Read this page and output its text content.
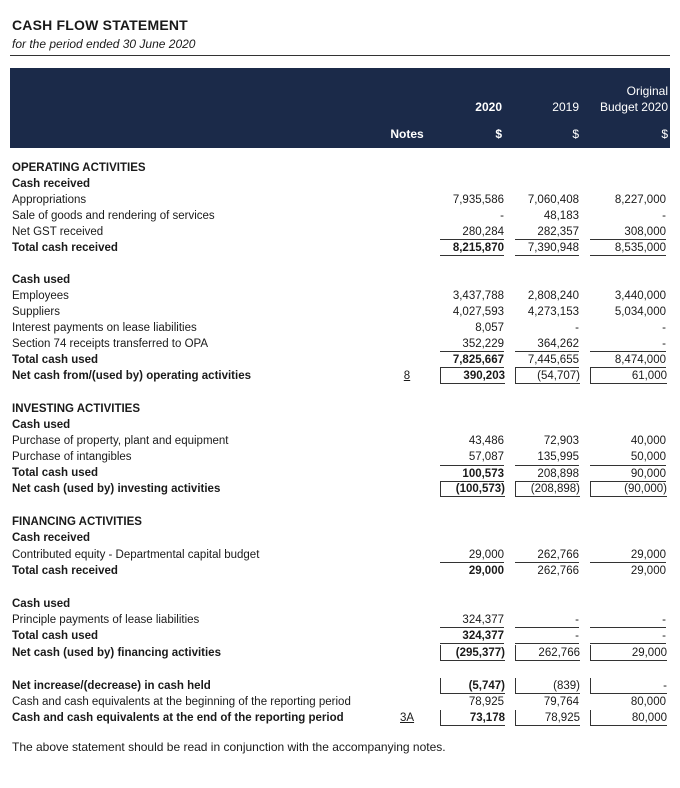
CASH FLOW STATEMENT
for the period ended 30 June 2020
Notes
2020	2019
Original
Budget 2020
$	$	$
OPERATING ACTIVITIES
Cash received
Appropriations	7,935,586	7,060,408	8,227,000
Sale of goods and rendering of services	-	48,183	-
Net GST received	280,284	282,357	308,000
Total cash received	8,215,870	7,390,948	8,535,000
Cash used
Employees	3,437,788	2,808,240	3,440,000
Suppliers	4,027,593	4,273,153	5,034,000
Interest payments on lease liabilities	8,057	-	-
Section 74 receipts transferred to OPA	352,229	364,262	-
Total cash used	7,825,667	7,445,655	8,474,000
Net cash from/(used by) operating activities	8	390,203	(54,707)	61,000
INVESTING ACTIVITIES
Cash used
Purchase of property, plant and equipment	43,486	72,903	40,000
Purchase of intangibles	57,087	135,995	50,000
Total cash used	100,573	208,898	90,000
Net cash (used by) investing activities	(100,573)	(208,898)	(90,000)
FINANCING ACTIVITIES
Cash received
Contributed equity - Departmental capital budget	29,000	262,766	29,000
Total cash received	29,000	262,766	29,000
Cash used
Principle payments of lease liabilities	324,377	-	-
Total cash used	324,377	-	-
Net cash (used by) financing activities	(295,377)	262,766	29,000
Net increase/(decrease) in cash held	(5,747)	(839)	-
Cash and cash equivalents at the beginning of the reporting period	78,925	79,764	80,000
Cash and cash equivalents at the end of the reporting period	3A	73,178	78,925	80,000
The above statement should be read in conjunction with the accompanying notes.
